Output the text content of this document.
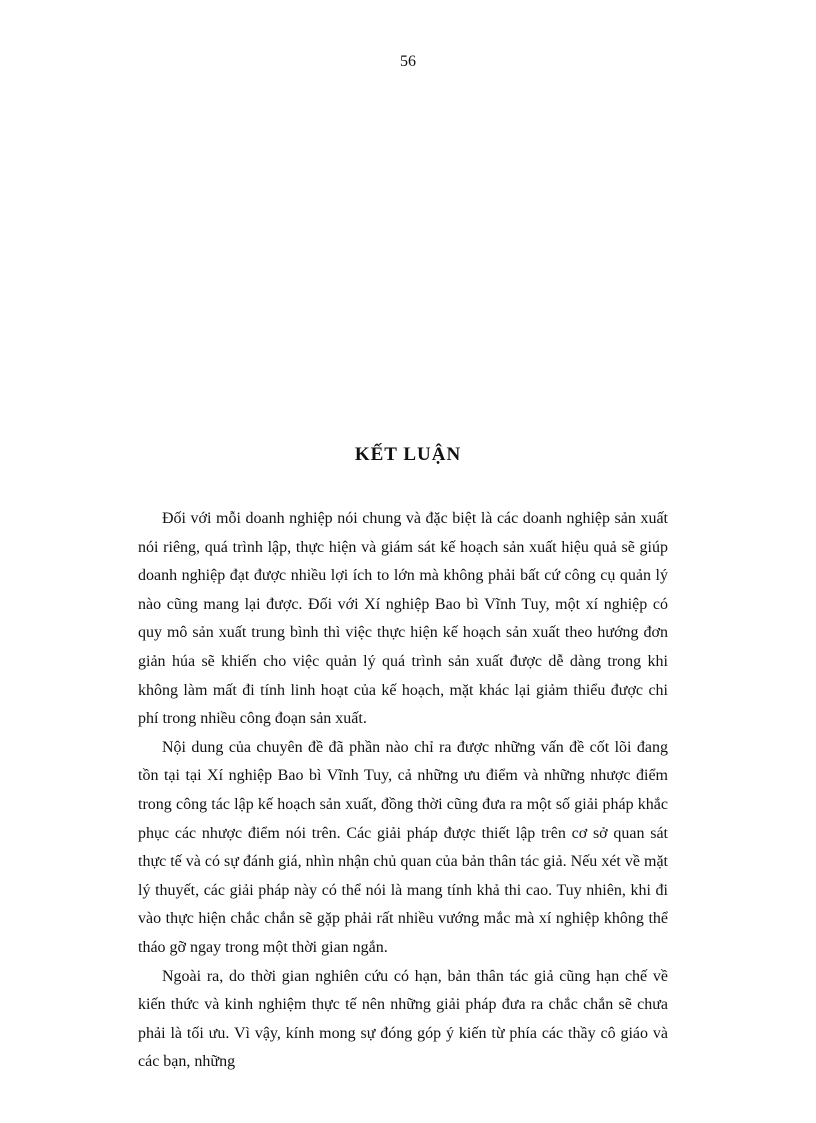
56
KẾT LUẬN

Đối với mỗi doanh nghiệp nói chung và đặc biệt là các doanh nghiệp sản xuất nói riêng, quá trình lập, thực hiện và giám sát kế hoạch sản xuất hiệu quả sẽ giúp doanh nghiệp đạt được nhiều lợi ích to lớn mà không phải bất cứ công cụ quản lý nào cũng mang lại được. Đối với Xí nghiệp Bao bì Vĩnh Tuy, một xí nghiệp có quy mô sản xuất trung bình thì việc thực hiện kế hoạch sản xuất theo hướng đơn giản húa sẽ khiến cho việc quản lý quá trình sản xuất được dễ dàng trong khi không làm mất đi tính linh hoạt của kế hoạch, mặt khác lại giảm thiểu được chi phí trong nhiều công đoạn sản xuất.

Nội dung của chuyên đề đã phần nào chỉ ra được những vấn đề cốt lõi đang tồn tại tại Xí nghiệp Bao bì Vĩnh Tuy, cả những ưu điểm và những nhược điểm trong công tác lập kế hoạch sản xuất, đồng thời cũng đưa ra một số giải pháp khắc phục các nhược điểm nói trên. Các giải pháp được thiết lập trên cơ sở quan sát thực tế và có sự đánh giá, nhìn nhận chủ quan của bản thân tác giả. Nếu xét về mặt lý thuyết, các giải pháp này có thể nói là mang tính khả thi cao. Tuy nhiên, khi đi vào thực hiện chắc chắn sẽ gặp phải rất nhiều vướng mắc mà xí nghiệp không thể tháo gỡ ngay trong một thời gian ngắn.

Ngoài ra, do thời gian nghiên cứu có hạn, bản thân tác giả cũng hạn chế về kiến thức và kinh nghiệm thực tế nên những giải pháp đưa ra chắc chắn sẽ chưa phải là tối ưu. Vì vậy, kính mong sự đóng góp ý kiến từ phía các thầy cô giáo và các bạn, những
